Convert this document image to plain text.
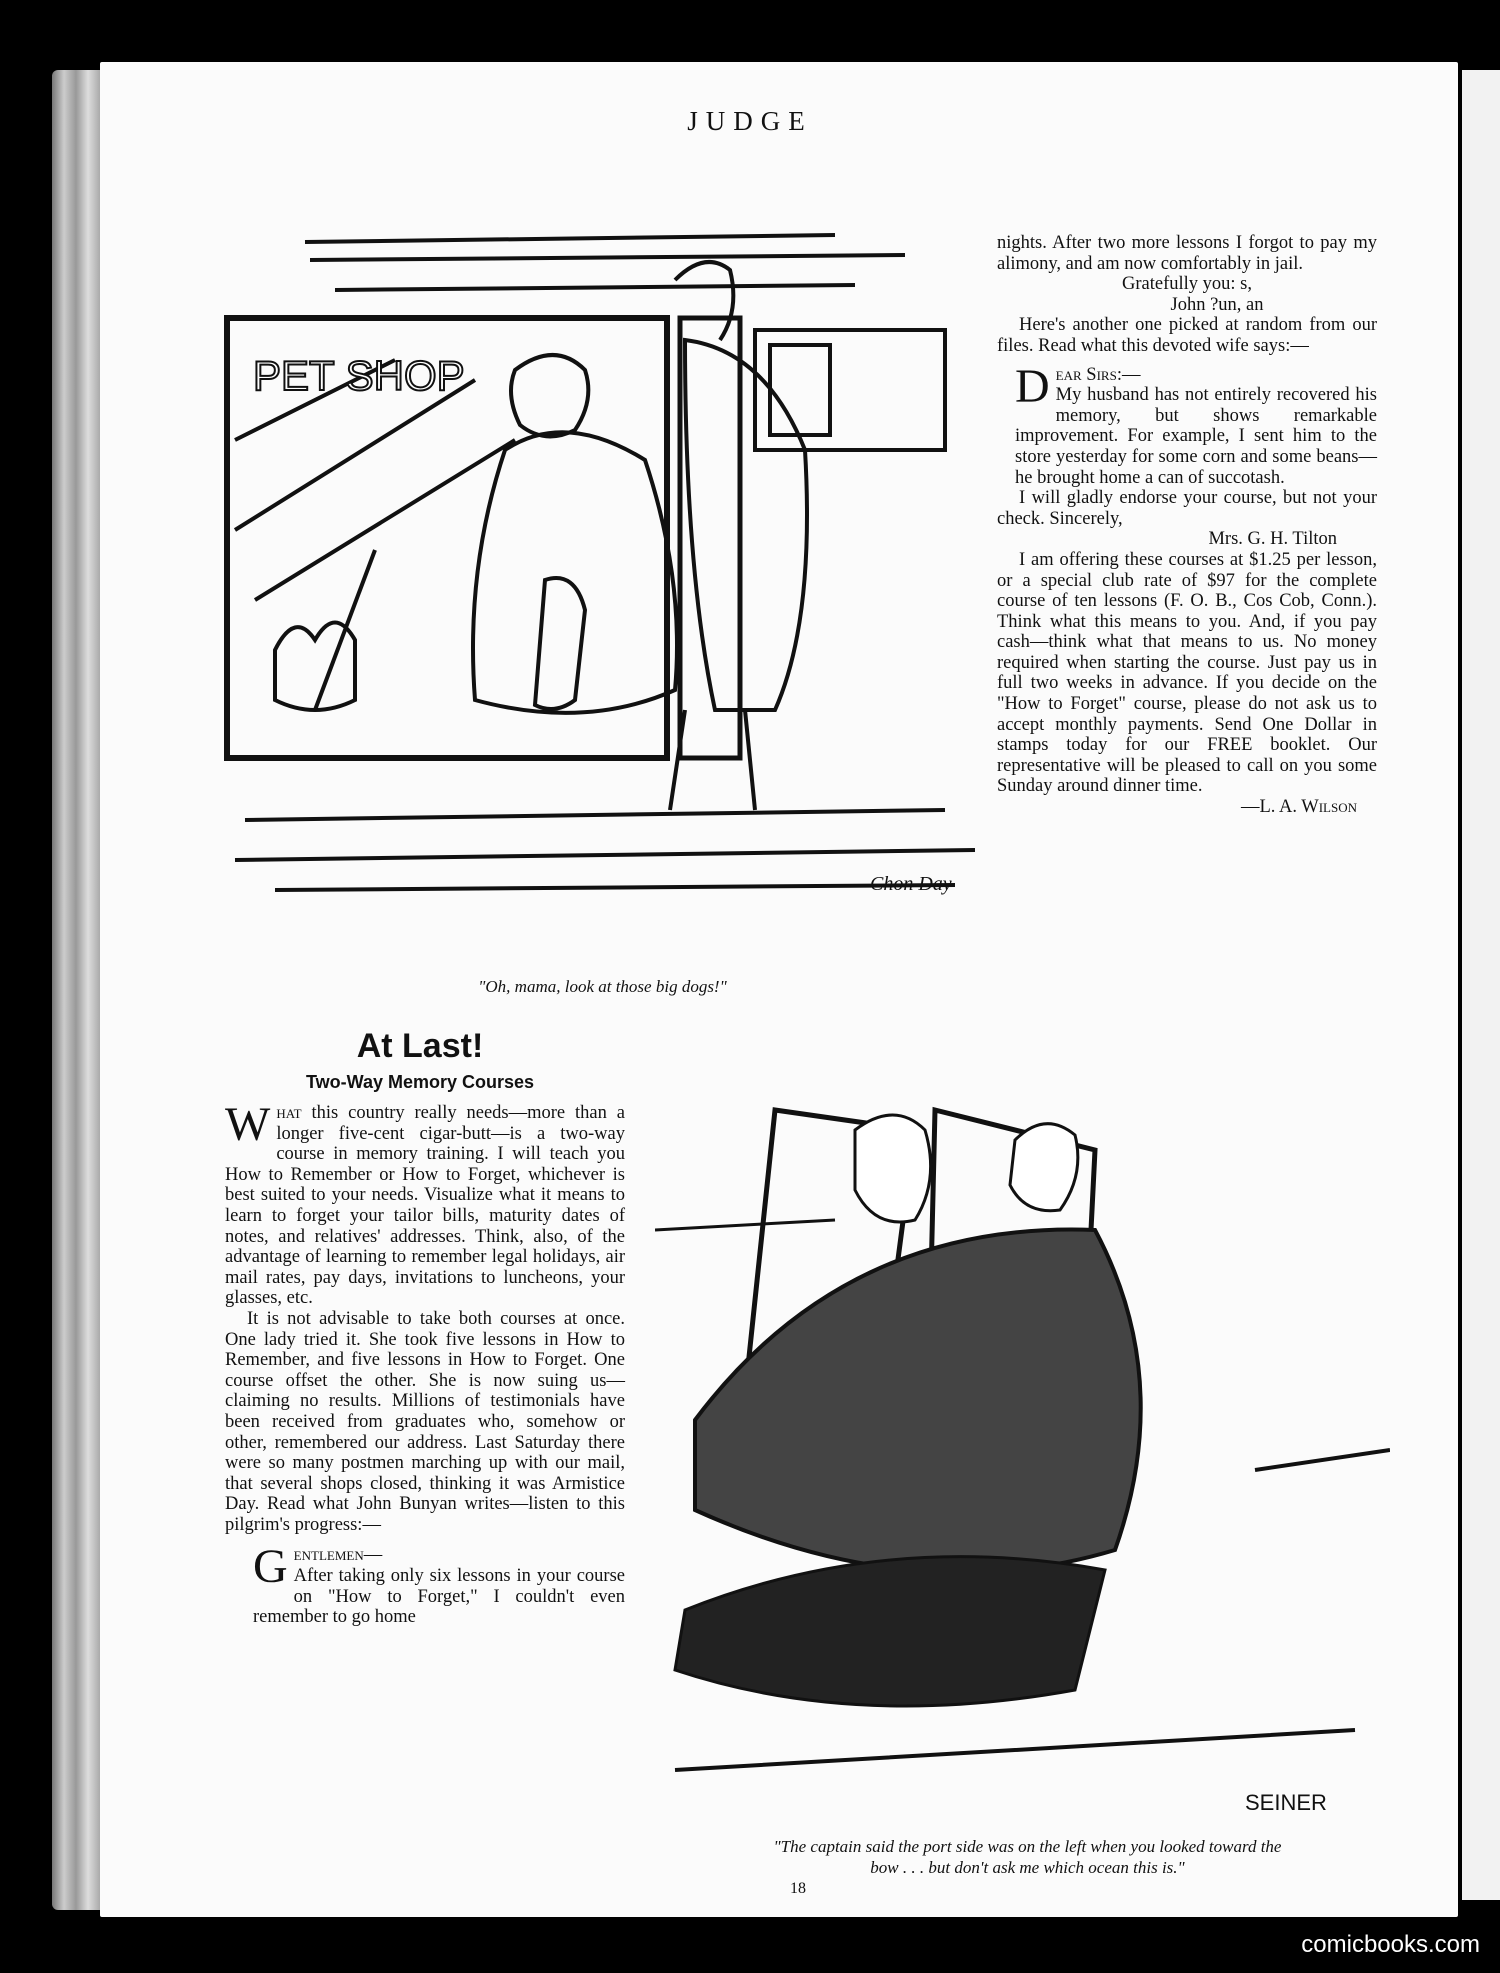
JUDGE
PET SHOP
Chon Day
"Oh, mama, look at those big dogs!"
SEINER
"The captain said the port side was on the left when you looked toward the
bow . . . but don't ask me which ocean this is."
At Last!
Two-Way Memory Courses

What this country really needs—more than a longer five-cent cigar-butt—is a two-way course in memory training. I will teach you How to Remember or How to Forget, whichever is best suited to your needs. Visualize what it means to learn to forget your tailor bills, maturity dates of notes, and relatives' addresses. Think, also, of the advantage of learning to remember legal holidays, air mail rates, pay days, invitations to luncheons, your glasses, etc.

It is not advisable to take both courses at once. One lady tried it. She took five lessons in How to Remember, and five lessons in How to Forget. One course offset the other. She is now suing us—claiming no results. Millions of testimonials have been received from graduates who, somehow or other, remembered our address. Last Saturday there were so many postmen marching up with our mail, that several shops closed, thinking it was Armistice Day. Read what John Bunyan writes—listen to this pilgrim's progress:—

Gentlemen—
After taking only six lessons in your course on "How to Forget," I couldn't even remember to go home

nights. After two more lessons I forgot to pay my alimony, and am now comfortably in jail.

Gratefully you: s,

John ?un, an

Here's another one picked at random from our files. Read what this devoted wife says:—

Dear Sirs:—
My husband has not entirely recovered his memory, but shows remarkable improvement. For example, I sent him to the store yesterday for some corn and some beans—he brought home a can of succotash.

I will gladly endorse your course, but not your check. Sincerely,

Mrs. G. H. Tilton

I am offering these courses at $1.25 per lesson, or a special club rate of $97 for the complete course of ten lessons (F. O. B., Cos Cob, Conn.). Think what this means to you. And, if you pay cash—think what that means to us. No money required when starting the course. Just pay us in full two weeks in advance. If you decide on the "How to Forget" course, please do not ask us to accept monthly payments. Send One Dollar in stamps today for our FREE booklet. Our representative will be pleased to call on you some Sunday around dinner time.

—L. A. Wilson

18
comicbooks.com
